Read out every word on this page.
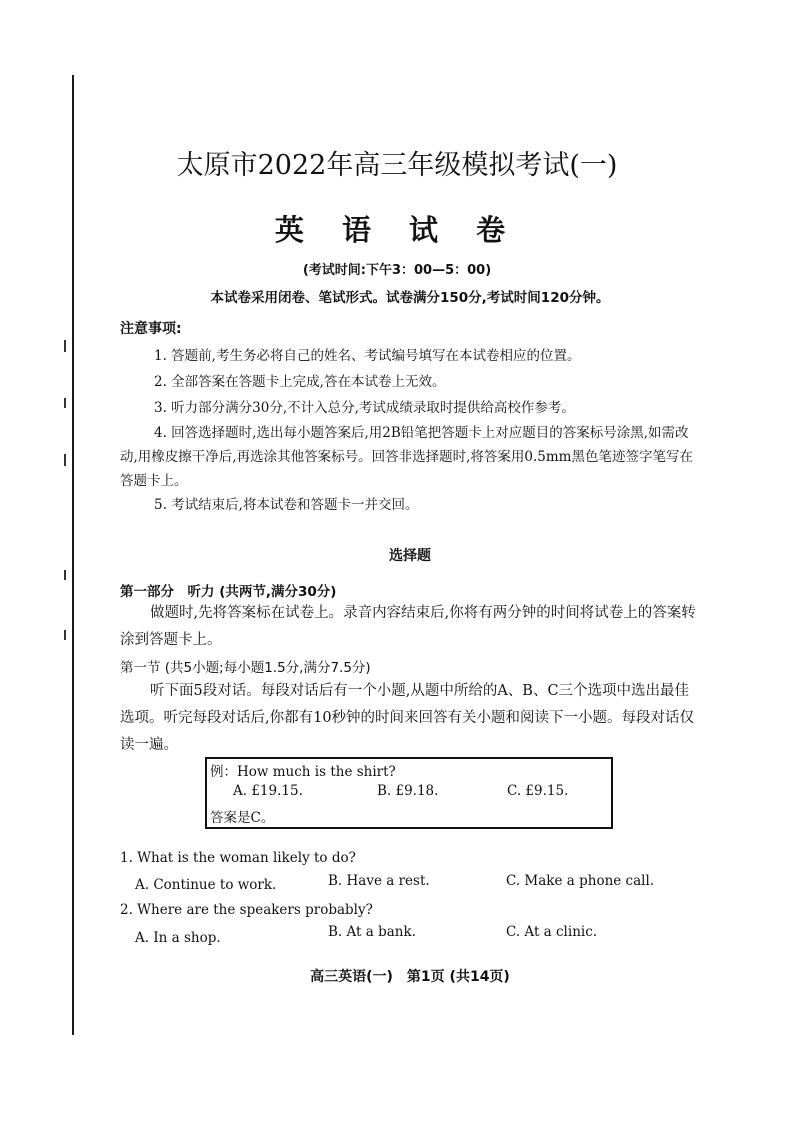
太原市2022年高三年级模拟考试(一)
英 语 试 卷
(考试时间:下午3：00—5：00)
本试卷采用闭卷、笔试形式。试卷满分150分,考试时间120分钟。
注意事项:
1. 答题前,考生务必将自己的姓名、考试编号填写在本试卷相应的位置。
2. 全部答案在答题卡上完成,答在本试卷上无效。
3. 听力部分满分30分,不计入总分,考试成绩录取时提供给高校作参考。
4. 回答选择题时,选出每小题答案后,用2B铅笔把答题卡上对应题目的答案标号涂黑,如需改动,用橡皮擦干净后,再选涂其他答案标号。回答非选择题时,将答案用0.5mm黑色笔迹签字笔写在答题卡上。
5. 考试结束后,将本试卷和答题卡一并交回。
选择题
第一部分　听力 (共两节,满分30分)
做题时,先将答案标在试卷上。录音内容结束后,你将有两分钟的时间将试卷上的答案转涂到答题卡上。
第一节 (共5小题;每小题1.5分,满分7.5分)
听下面5段对话。每段对话后有一个小题,从题中所给的A、B、C三个选项中选出最佳选项。听完每段对话后,你都有10秒钟的时间来回答有关小题和阅读下一小题。每段对话仅读一遍。
例：How much is the shirt?
A. £19.15.	B. £9.18.	C. £9.15.
答案是C。
1. What is the woman likely to do?
A. Continue to work.	B. Have a rest.	C. Make a phone call.
2. Where are the speakers probably?
A. In a shop.	B. At a bank.	C. At a clinic.
高三英语(一)　第1页 (共14页)
